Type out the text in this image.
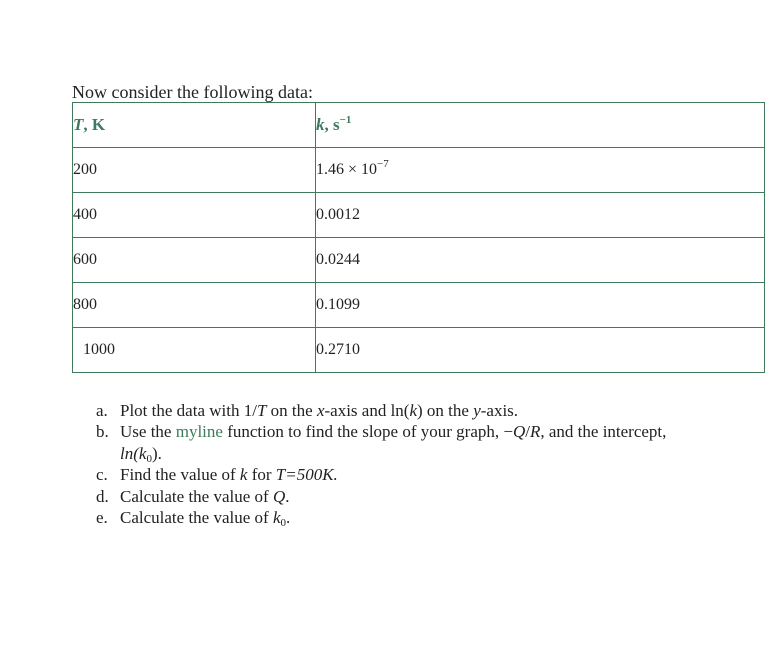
Now consider the following data:

T, K	k, $s^{-1}$
200	$1.46 \times 10^{-7}$
400	0.0012
600	0.0244
800	0.1099
1000	0.2710
a. Plot the data with 1/T on the x-axis and ln(k) on the y-axis.
b. Use the myline function to find the slope of your graph, −Q/R, and the intercept, $\ln(k_0)$.
c. Find the value of k for T=500K.
d. Calculate the value of Q.
e. Calculate the value of $k_0$.
